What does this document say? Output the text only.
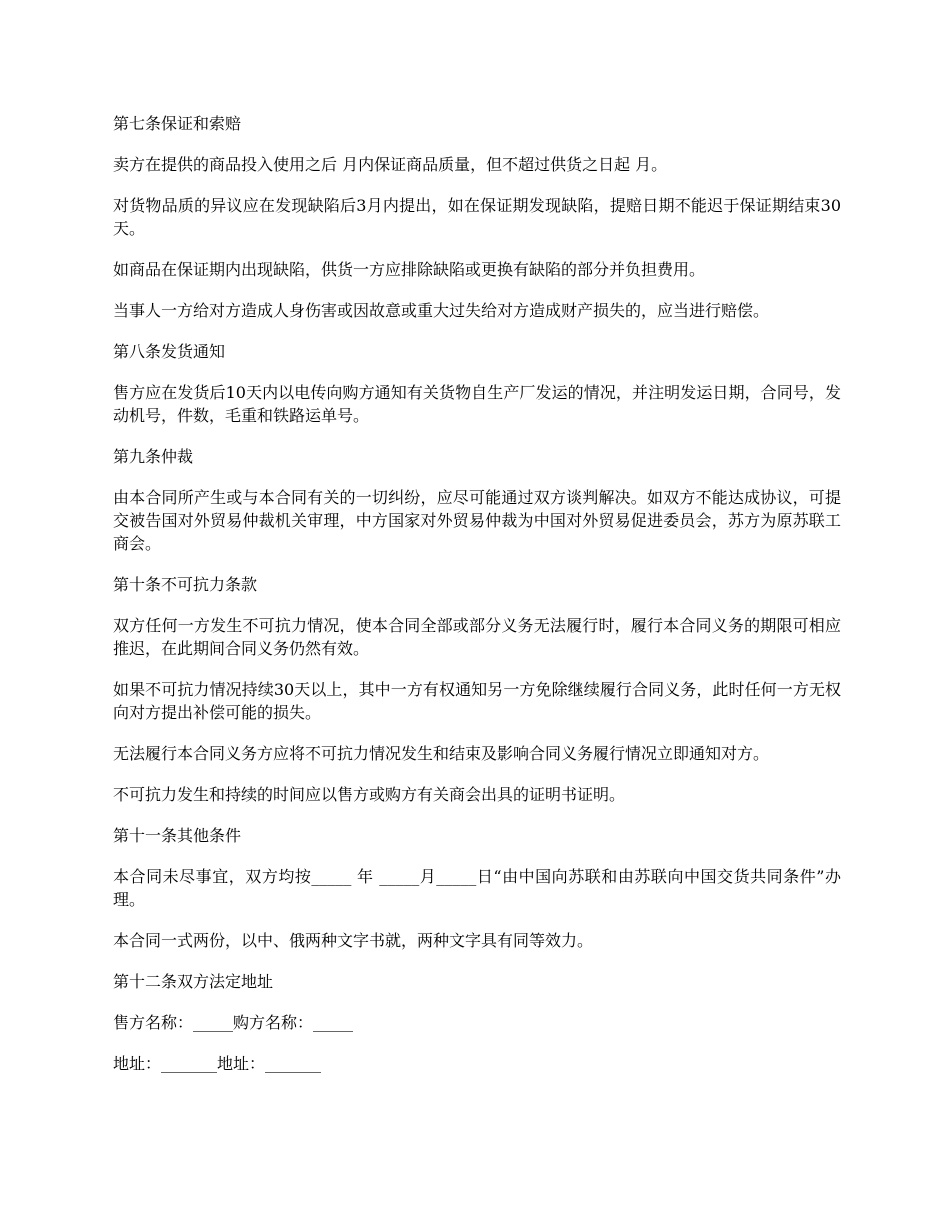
第七条保证和索赔

卖方在提供的商品投入使用之后 月内保证商品质量，但不超过供货之日起 月。

对货物品质的异议应在发现缺陷后3月内提出，如在保证期发现缺陷，提赔日期不能迟于保证期结束30天。

如商品在保证期内出现缺陷，供货一方应排除缺陷或更换有缺陷的部分并负担费用。

当事人一方给对方造成人身伤害或因故意或重大过失给对方造成财产损失的，应当进行赔偿。

第八条发货通知

售方应在发货后10天内以电传向购方通知有关货物自生产厂发运的情况，并注明发运日期，合同号，发动机号，件数，毛重和铁路运单号。

第九条仲裁

由本合同所产生或与本合同有关的一切纠纷，应尽可能通过双方谈判解决。如双方不能达成协议，可提交被告国对外贸易仲裁机关审理，中方国家对外贸易仲裁为中国对外贸易促进委员会，苏方为原苏联工商会。

第十条不可抗力条款

双方任何一方发生不可抗力情况，使本合同全部或部分义务无法履行时，履行本合同义务的期限可相应推迟，在此期间合同义务仍然有效。

如果不可抗力情况持续30天以上，其中一方有权通知另一方免除继续履行合同义务，此时任何一方无权向对方提出补偿可能的损失。

无法履行本合同义务方应将不可抗力情况发生和结束及影响合同义务履行情况立即通知对方。

不可抗力发生和持续的时间应以售方或购方有关商会出具的证明书证明。

第十一条其他条件

本合同未尽事宜，双方均按_____ 年 _____月_____日“由中国向苏联和由苏联向中国交货共同条件”办理。

本合同一式两份，以中、俄两种文字书就，两种文字具有同等效力。

第十二条双方法定地址

售方名称：_____购方名称：_____

地址：_______地址：_______
